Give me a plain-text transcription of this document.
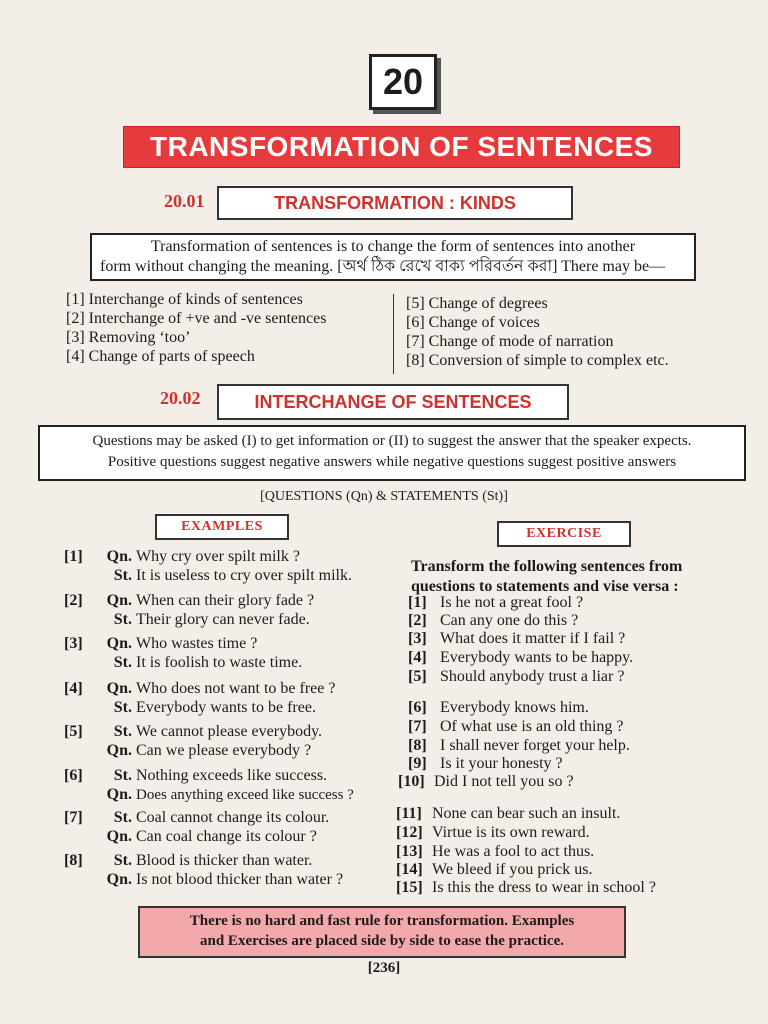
20
TRANSFORMATION OF SENTENCES
20.01	TRANSFORMATION : KINDS
Transformation of sentences is to change the form of sentences into another
form without changing the meaning. [অর্থ ঠিক রেখে বাক্য পরিবর্তন করা] There may be—
[1] Interchange of kinds of sentences
[2] Interchange of +ve and -ve sentences
[3] Removing ‘too’
[4] Change of parts of speech
[5] Change of degrees
[6] Change of voices
[7] Change of mode of narration
[8] Conversion of simple to complex etc.
20.02	INTERCHANGE OF SENTENCES
Questions may be asked (I) to get information or (II) to suggest the answer that the speaker expects.
Positive questions suggest negative answers while negative questions suggest positive answers
[QUESTIONS (Qn) & STATEMENTS (St)]
EXAMPLES	EXERCISE
[1] Qn. Why cry over spilt milk ?
St. It is useless to cry over spilt milk.
[2] Qn. When can their glory fade ?
St. Their glory can never fade.
[3] Qn. Who wastes time ?
St. It is foolish to waste time.
[4] Qn. Who does not want to be free ?
St. Everybody wants to be free.
[5] St. We cannot please everybody.
Qn. Can we please everybody ?
[6] St. Nothing exceeds like success.
Qn. Does anything exceed like success ?
[7] St. Coal cannot change its colour.
Qn. Can coal change its colour ?
[8] St. Blood is thicker than water.
Qn. Is not blood thicker than water ?
Transform the following sentences from questions to statements and vise versa :
[1] Is he not a great fool ?
[2] Can any one do this ?
[3] What does it matter if I fail ?
[4] Everybody wants to be happy.
[5] Should anybody trust a liar ?
[6] Everybody knows him.
[7] Of what use is an old thing ?
[8] I shall never forget your help.
[9] Is it your honesty ?
[10] Did I not tell you so ?
[11] None can bear such an insult.
[12] Virtue is its own reward.
[13] He was a fool to act thus.
[14] We bleed if you prick us.
[15] Is this the dress to wear in school ?
There is no hard and fast rule for transformation. Examples
and Exercises are placed side by side to ease the practice.
[236]
